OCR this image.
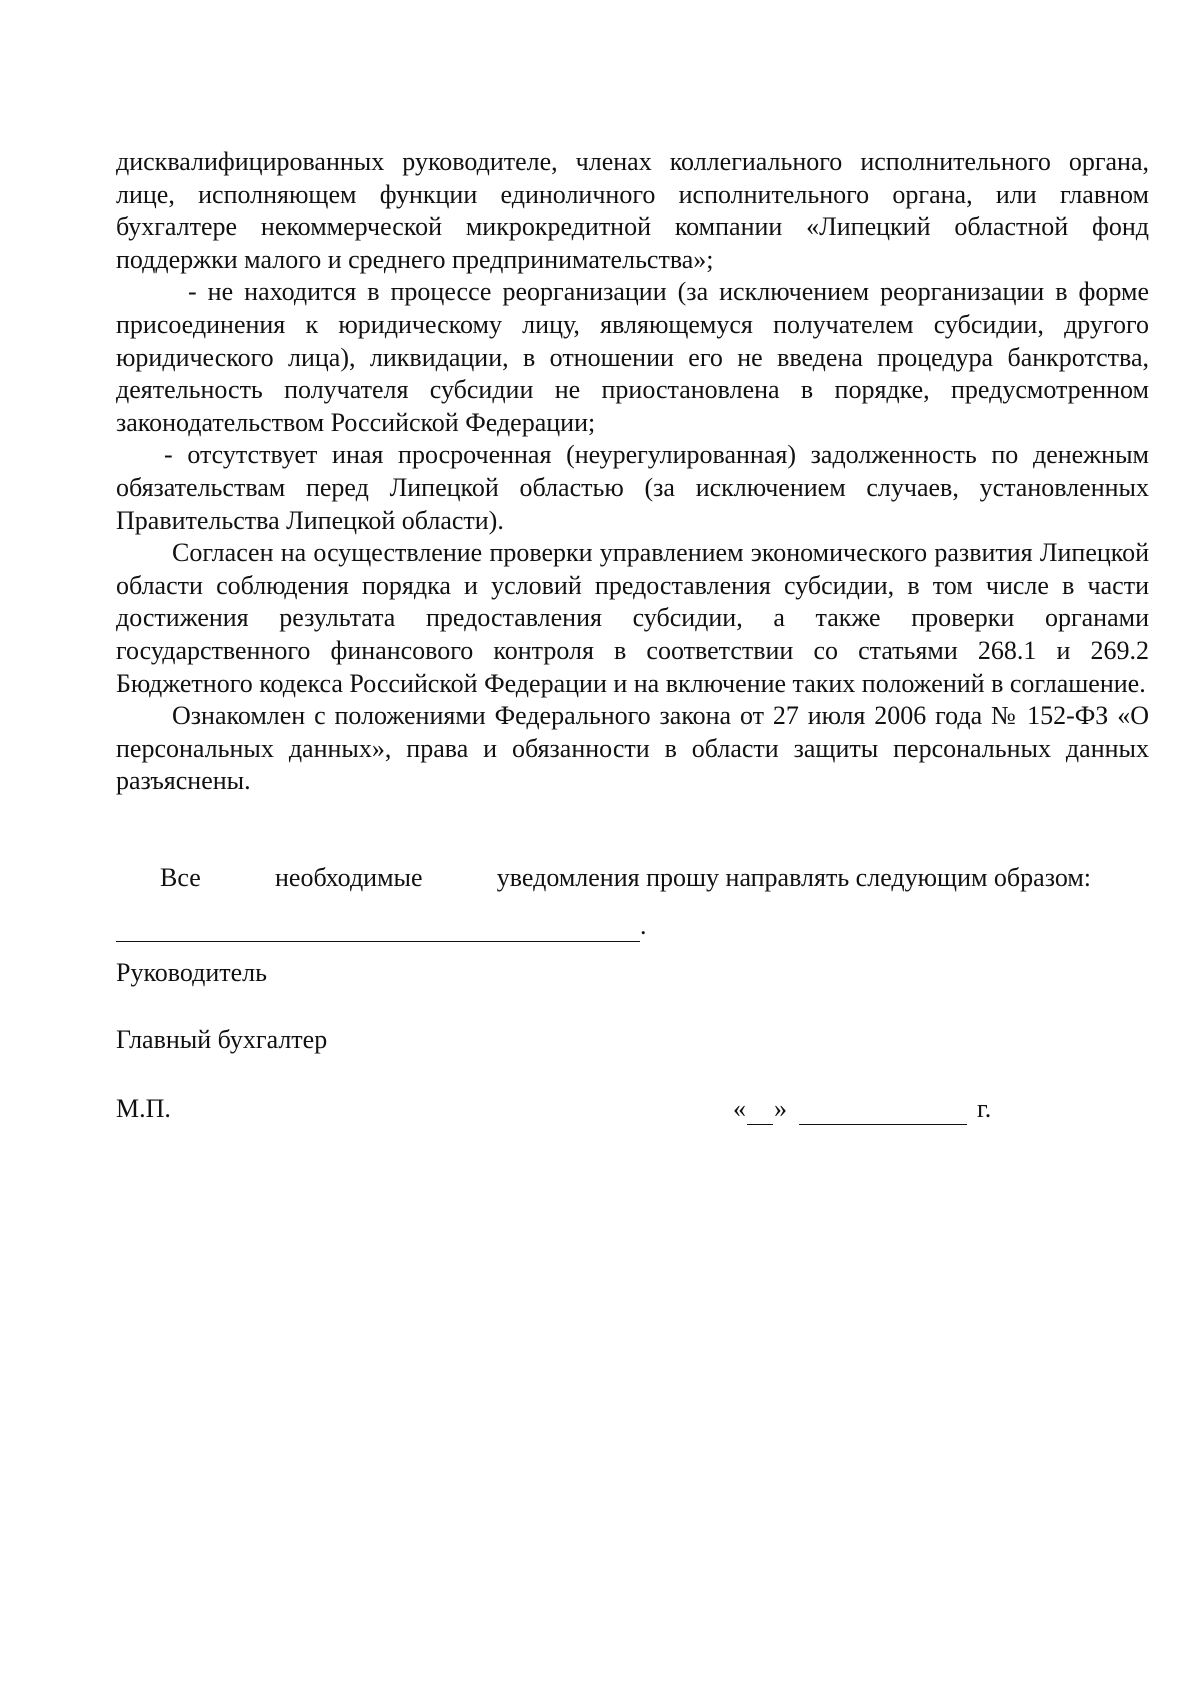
дисквалифицированных руководителе, членах коллегиального исполнительного органа, лице, исполняющем функции единоличного исполнительного органа, или главном бухгалтере некоммерческой микрокредитной компании «Липецкий областной фонд поддержки малого и среднего предпринимательства»;

- не находится в процессе реорганизации (за исключением реорганизации в форме присоединения к юридическому лицу, являющемуся получателем субсидии, другого юридического лица), ликвидации, в отношении его не введена процедура банкротства, деятельность получателя субсидии не приостановлена в порядке, предусмотренном законодательством Российской Федерации;

- отсутствует иная просроченная (неурегулированная) задолженность по денежным обязательствам перед Липецкой областью (за исключением случаев, установленных Правительства Липецкой области).

Согласен на осуществление проверки управлением экономического развития Липецкой области соблюдения порядка и условий предоставления субсидии, в том числе в части достижения результата предоставления субсидии, а также проверки органами государственного финансового контроля в соответствии со статьями 268.1 и 269.2 Бюджетного кодекса Российской Федерации и на включение таких положений в соглашение.

Ознакомлен с положениями Федерального закона от 27 июля 2006 года № 152-ФЗ «О персональных данных», права и обязанности в области защиты персональных данных разъяснены.

Все	необходимые	уведомления прошу направлять следующим образом:
.
Руководитель
Главный бухгалтер
М.П.	« »	г.
